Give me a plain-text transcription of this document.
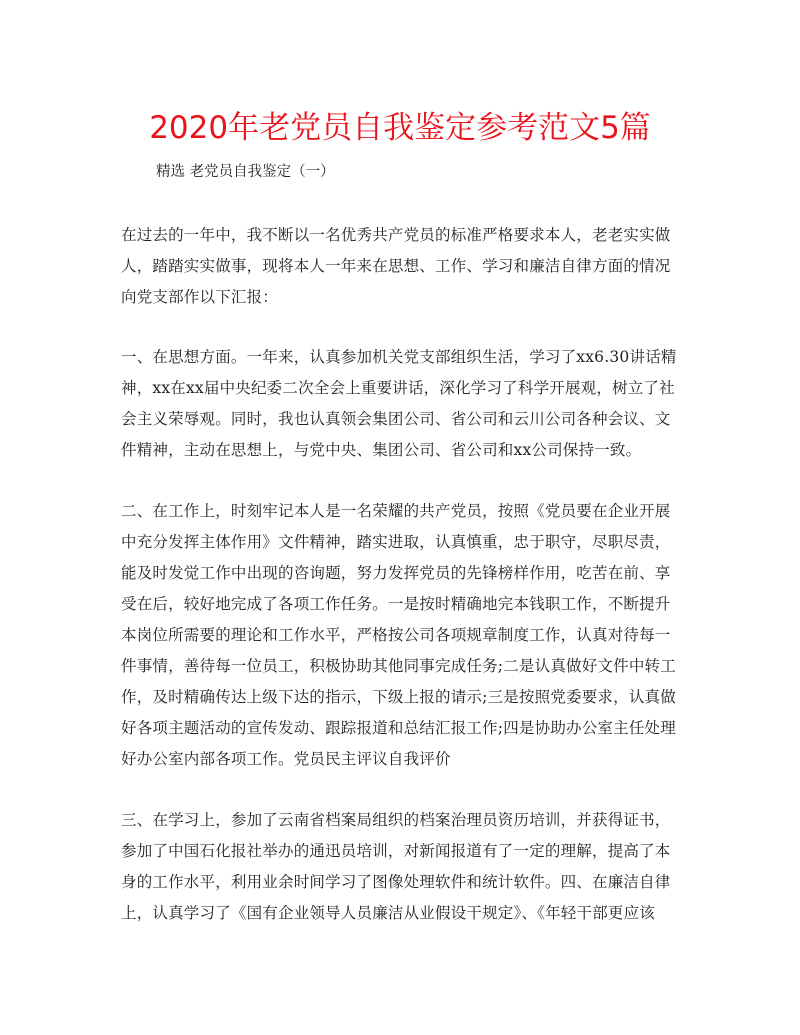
2020年老党员自我鉴定参考范文5篇
精选 老党员自我鉴定（一）
在过去的一年中，我不断以一名优秀共产党员的标准严格要求本人，老老实实做
人，踏踏实实做事，现将本人一年来在思想、工作、学习和廉洁自律方面的情况
向党支部作以下汇报：
一、在思想方面。一年来，认真参加机关党支部组织生活，学习了xx6.30讲话精
神，xx在xx届中央纪委二次全会上重要讲话，深化学习了科学开展观，树立了社
会主义荣辱观。同时，我也认真领会集团公司、省公司和云川公司各种会议、文
件精神，主动在思想上，与党中央、集团公司、省公司和xx公司保持一致。
二、在工作上，时刻牢记本人是一名荣耀的共产党员，按照《党员要在企业开展
中充分发挥主体作用》文件精神，踏实进取，认真慎重，忠于职守，尽职尽责，
能及时发觉工作中出现的咨询题，努力发挥党员的先锋榜样作用，吃苦在前、享
受在后，较好地完成了各项工作任务。一是按时精确地完本钱职工作，不断提升
本岗位所需要的理论和工作水平，严格按公司各项规章制度工作，认真对待每一
件事情，善待每一位员工，积极协助其他同事完成任务;二是认真做好文件中转工
作，及时精确传达上级下达的指示，下级上报的请示;三是按照党委要求，认真做
好各项主题活动的宣传发动、跟踪报道和总结汇报工作;四是协助办公室主任处理
好办公室内部各项工作。党员民主评议自我评价
三、在学习上，参加了云南省档案局组织的档案治理员资历培训，并获得证书，
参加了中国石化报社举办的通迅员培训，对新闻报道有了一定的理解，提高了本
身的工作水平，利用业余时间学习了图像处理软件和统计软件。四、在廉洁自律
上，认真学习了《国有企业领导人员廉洁从业假设干规定》、《年轻干部更应该
